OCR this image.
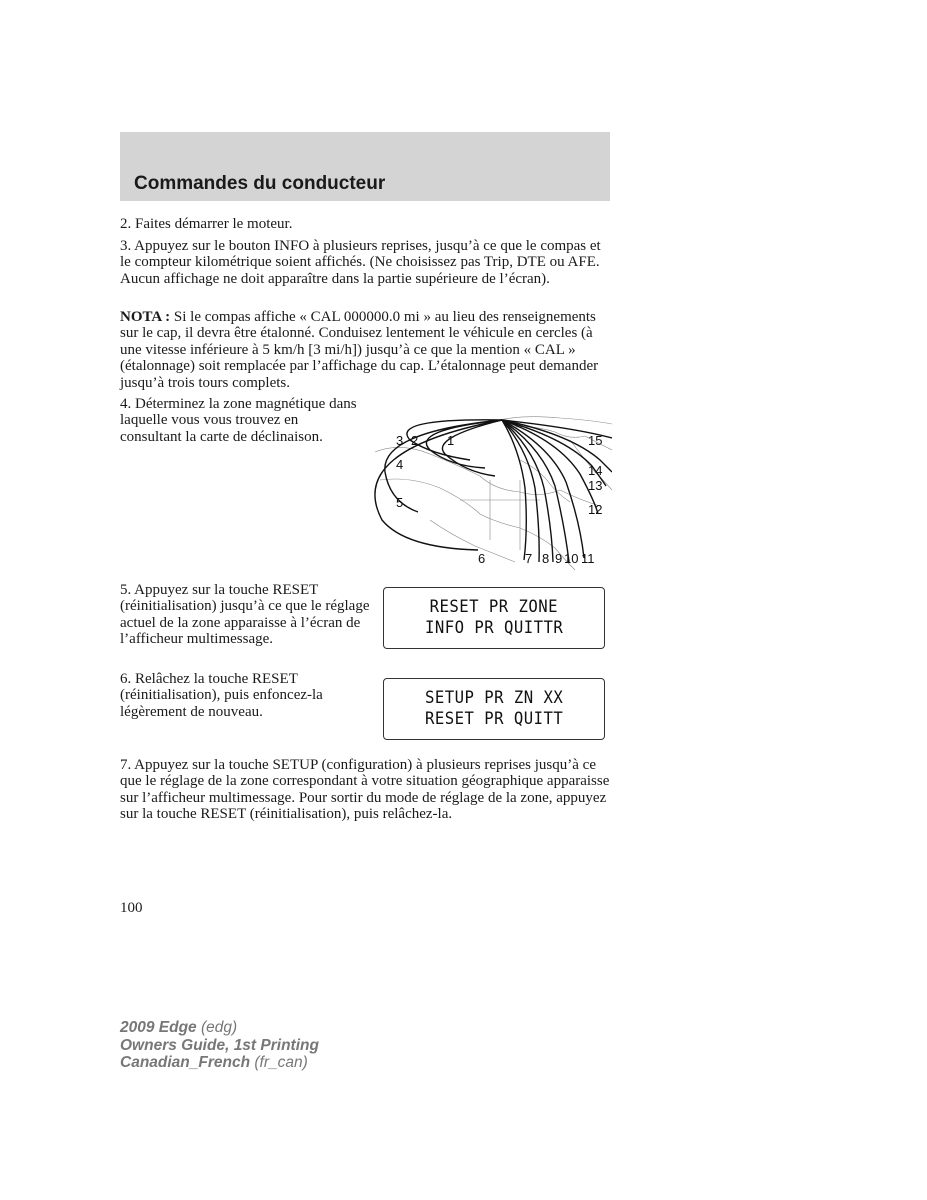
Commandes du conducteur

2. Faites démarrer le moteur.

3. Appuyez sur le bouton INFO à plusieurs reprises, jusqu’à ce que le compas et le compteur kilométrique soient affichés. (Ne choisissez pas Trip, DTE ou AFE. Aucun affichage ne doit apparaître dans la partie supérieure de l’écran).

NOTA : Si le compas affiche « CAL 000000.0 mi » au lieu des renseignements sur le cap, il devra être étalonné. Conduisez lentement le véhicule en cercles (à une vitesse inférieure à 5 km/h [3 mi/h]) jusqu’à ce que la mention « CAL » (étalonnage) soit remplacée par l’affichage du cap. L’étalonnage peut demander jusqu’à trois tours complets.

4. Déterminez la zone magnétique dans laquelle vous vous trouvez en consultant la carte de déclinaison.	1
2
3
4
5
6	7 8 9 10 11
12
13
14
15

5. Appuyez sur la touche RESET (réinitialisation) jusqu’à ce que le réglage actuel de la zone apparaisse à l’écran de l’afficheur multimessage.

RESET PR ZONE
INFO PR QUITTR

6. Relâchez la touche RESET (réinitialisation), puis enfoncez-la légèrement de nouveau.

SETUP PR ZN XX
RESET PR QUITT
7. Appuyez sur la touche SETUP (configuration) à plusieurs reprises jusqu’à ce que le réglage de la zone correspondant à votre situation géographique apparaisse sur l’afficheur multimessage. Pour sortir du mode de réglage de la zone, appuyez sur la touche RESET (réinitialisation), puis relâchez-la.

100

2009 Edge (edg)
Owners Guide, 1st Printing
Canadian_French (fr_can)
